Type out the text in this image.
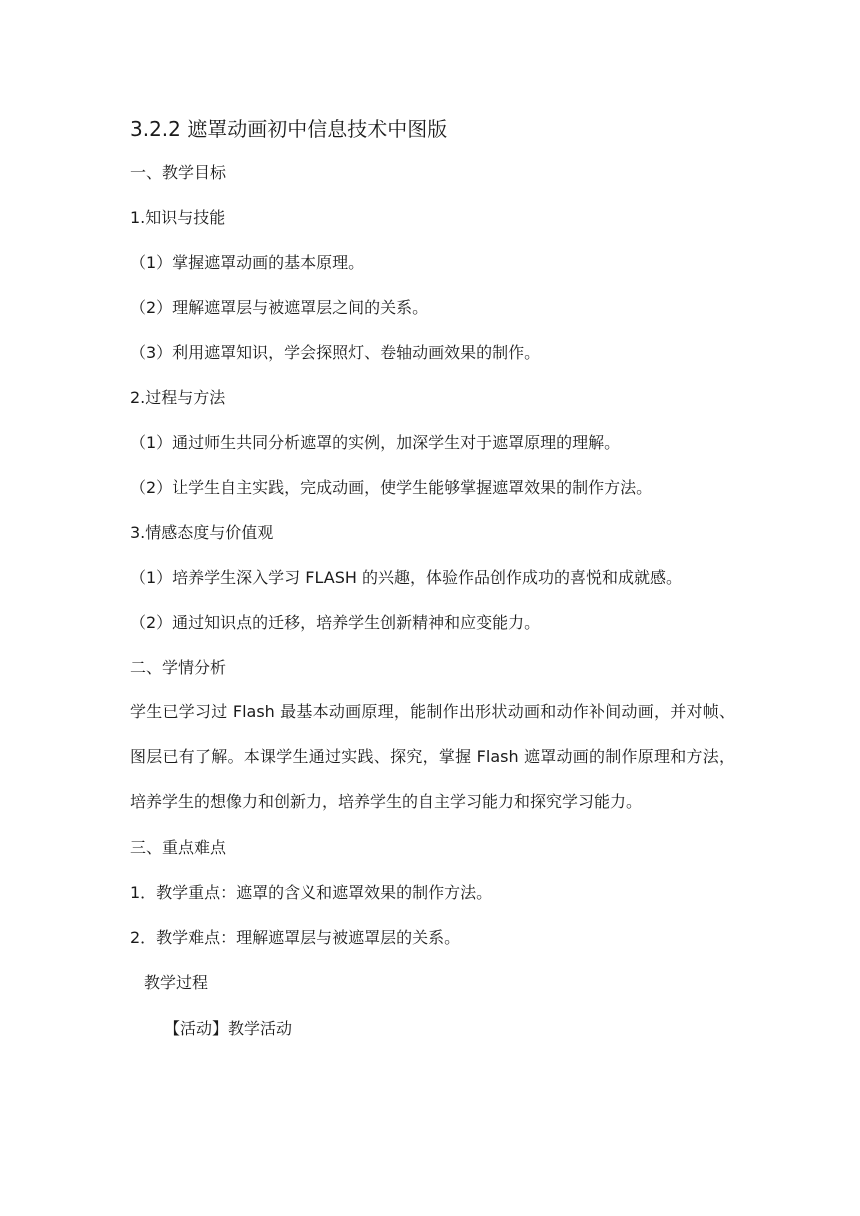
3.2.2 遮罩动画初中信息技术中图版
一、教学目标
1.知识与技能
（1）掌握遮罩动画的基本原理。
（2）理解遮罩层与被遮罩层之间的关系。
（3）利用遮罩知识，学会探照灯、卷轴动画效果的制作。
2.过程与方法
（1）通过师生共同分析遮罩的实例，加深学生对于遮罩原理的理解。
（2）让学生自主实践，完成动画，使学生能够掌握遮罩效果的制作方法。
3.情感态度与价值观
（1）培养学生深入学习 FLASH 的兴趣，体验作品创作成功的喜悦和成就感。
（2）通过知识点的迁移，培养学生创新精神和应变能力。
二、学情分析
学生已学习过 Flash 最基本动画原理，能制作出形状动画和动作补间动画，并对帧、图层已有了解。本课学生通过实践、探究，掌握 Flash 遮罩动画的制作原理和方法，培养学生的想像力和创新力，培养学生的自主学习能力和探究学习能力。
三、重点难点
1．教学重点：遮罩的含义和遮罩效果的制作方法。
2．教学难点：理解遮罩层与被遮罩层的关系。
教学过程
【活动】教学活动
